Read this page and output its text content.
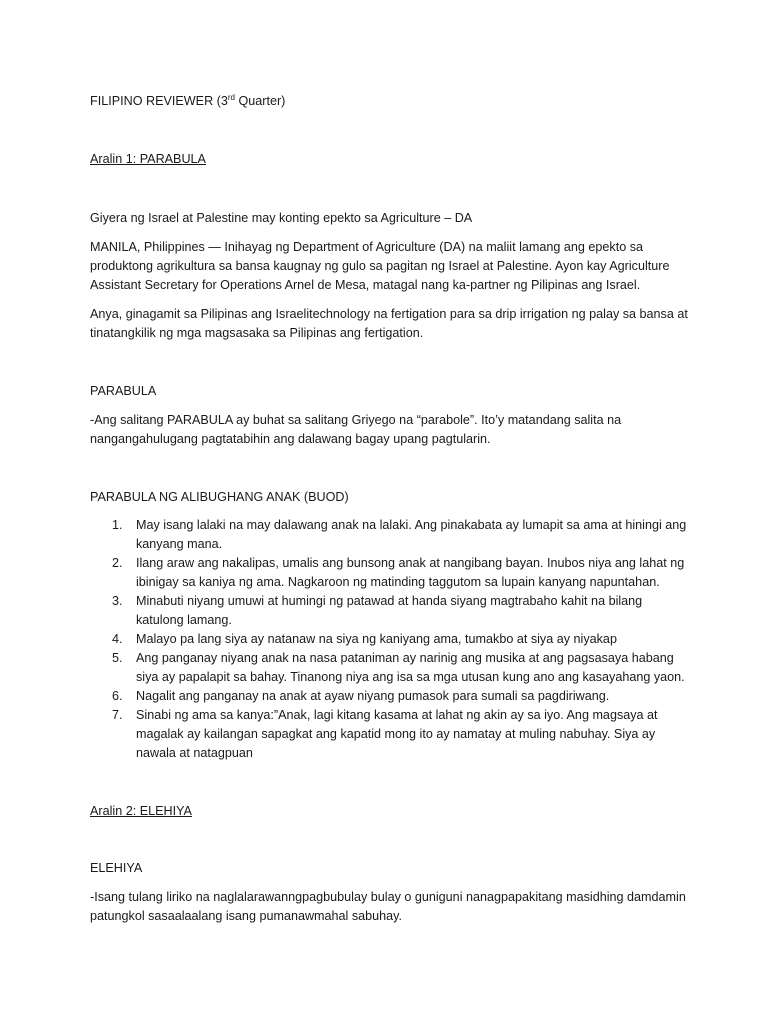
FILIPINO REVIEWER (3rd Quarter)

Aralin 1: PARABULA

Giyera ng Israel at Palestine may konting epekto sa Agriculture – DA

MANILA, Philippines — Inihayag ng Department of Agriculture (DA) na maliit lamang ang epekto sa produktong agrikultura sa bansa kaugnay ng gulo sa pagitan ng Israel at Palestine. Ayon kay Agriculture Assistant Secretary for Operations Arnel de Mesa, matagal nang ka-partner ng Pilipinas ang Israel.

Anya, ginagamit sa Pilipinas ang Israelitechnology na fertigation para sa drip irrigation ng palay sa bansa at tinatangkilik ng mga magsasaka sa Pilipinas ang fertigation.

PARABULA

-Ang salitang PARABULA ay buhat sa salitang Griyego na “parabole”. Ito’y matandang salita na nangangahulugang pagtatabihin ang dalawang bagay upang pagtularin.

PARABULA NG ALIBUGHANG ANAK (BUOD)

1. May isang lalaki na may dalawang anak na lalaki. Ang pinakabata ay lumapit sa ama at hiningi ang kanyang mana.
2. Ilang araw ang nakalipas, umalis ang bunsong anak at nangibang bayan. Inubos niya ang lahat ng ibinigay sa kaniya ng ama. Nagkaroon ng matinding taggutom sa lupain kanyang napuntahan.
3. Minabuti niyang umuwi at humingi ng patawad at handa siyang magtrabaho kahit na bilang katulong lamang.
4. Malayo pa lang siya ay natanaw na siya ng kaniyang ama, tumakbo at siya ay niyakap
5. Ang panganay niyang anak na nasa pataniman ay narinig ang musika at ang pagsasaya habang siya ay papalapit sa bahay. Tinanong niya ang isa sa mga utusan kung ano ang kasayahang yaon.
6. Nagalit ang panganay na anak at ayaw niyang pumasok para sumali sa pagdiriwang.
7. Sinabi ng ama sa kanya:”Anak, lagi kitang kasama at lahat ng akin ay sa iyo. Ang magsaya at magalak ay kailangan sapagkat ang kapatid mong ito ay namatay at muling nabuhay. Siya ay nawala at natagpuan

Aralin 2: ELEHIYA

ELEHIYA

-Isang tulang liriko na naglalarawanngpagbubulay bulay o guniguni nanagpapakitang masidhing damdamin patungkol sasaalaalang isang pumanawmahal sabuhay.
